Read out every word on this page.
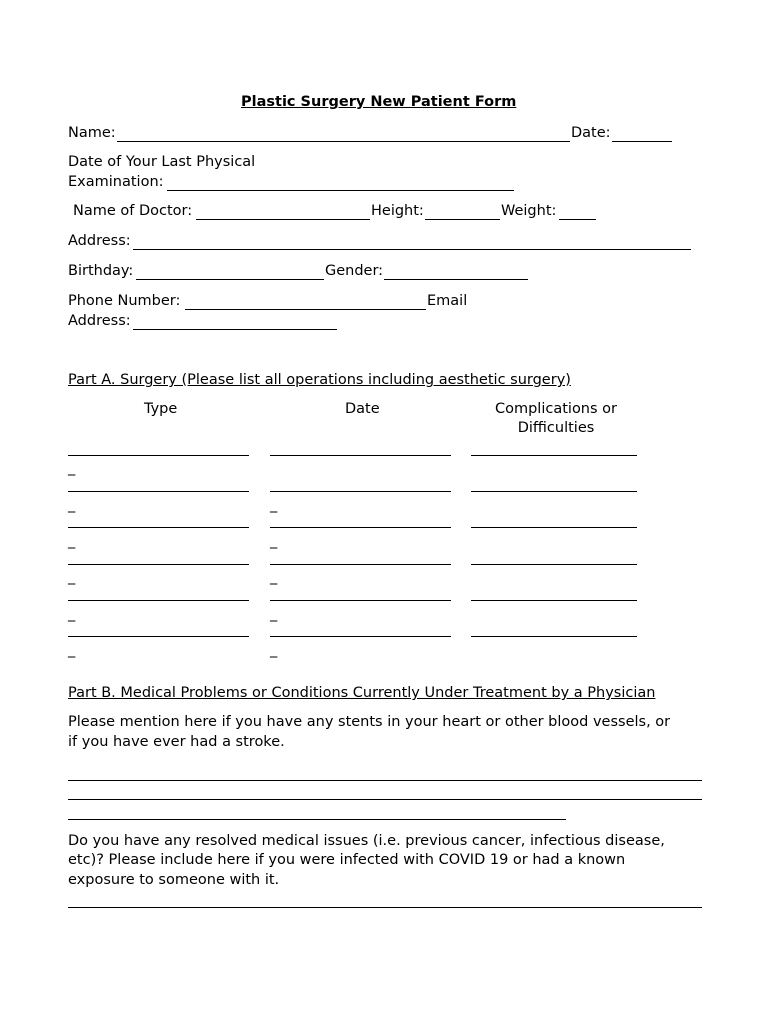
Plastic Surgery New Patient Form
Name:	Date:
Date of Your Last Physical
Examination:
Name of Doctor:	Height:	Weight:
Address:
Birthday:	Gender:
Phone Number:	Email
Address:
Part A. Surgery (Please list all operations including aesthetic surgery)
Type	Date	Complications or
Difficulties
_
_	_
_	_
_	_
_	_
_	_
Part B. Medical Problems or Conditions Currently Under Treatment by a Physician
Please mention here if you have any stents in your heart or other blood vessels, or
if you have ever had a stroke.
Do you have any resolved medical issues (i.e. previous cancer, infectious disease,
etc)? Please include here if you were infected with COVID 19 or had a known
exposure to someone with it.
